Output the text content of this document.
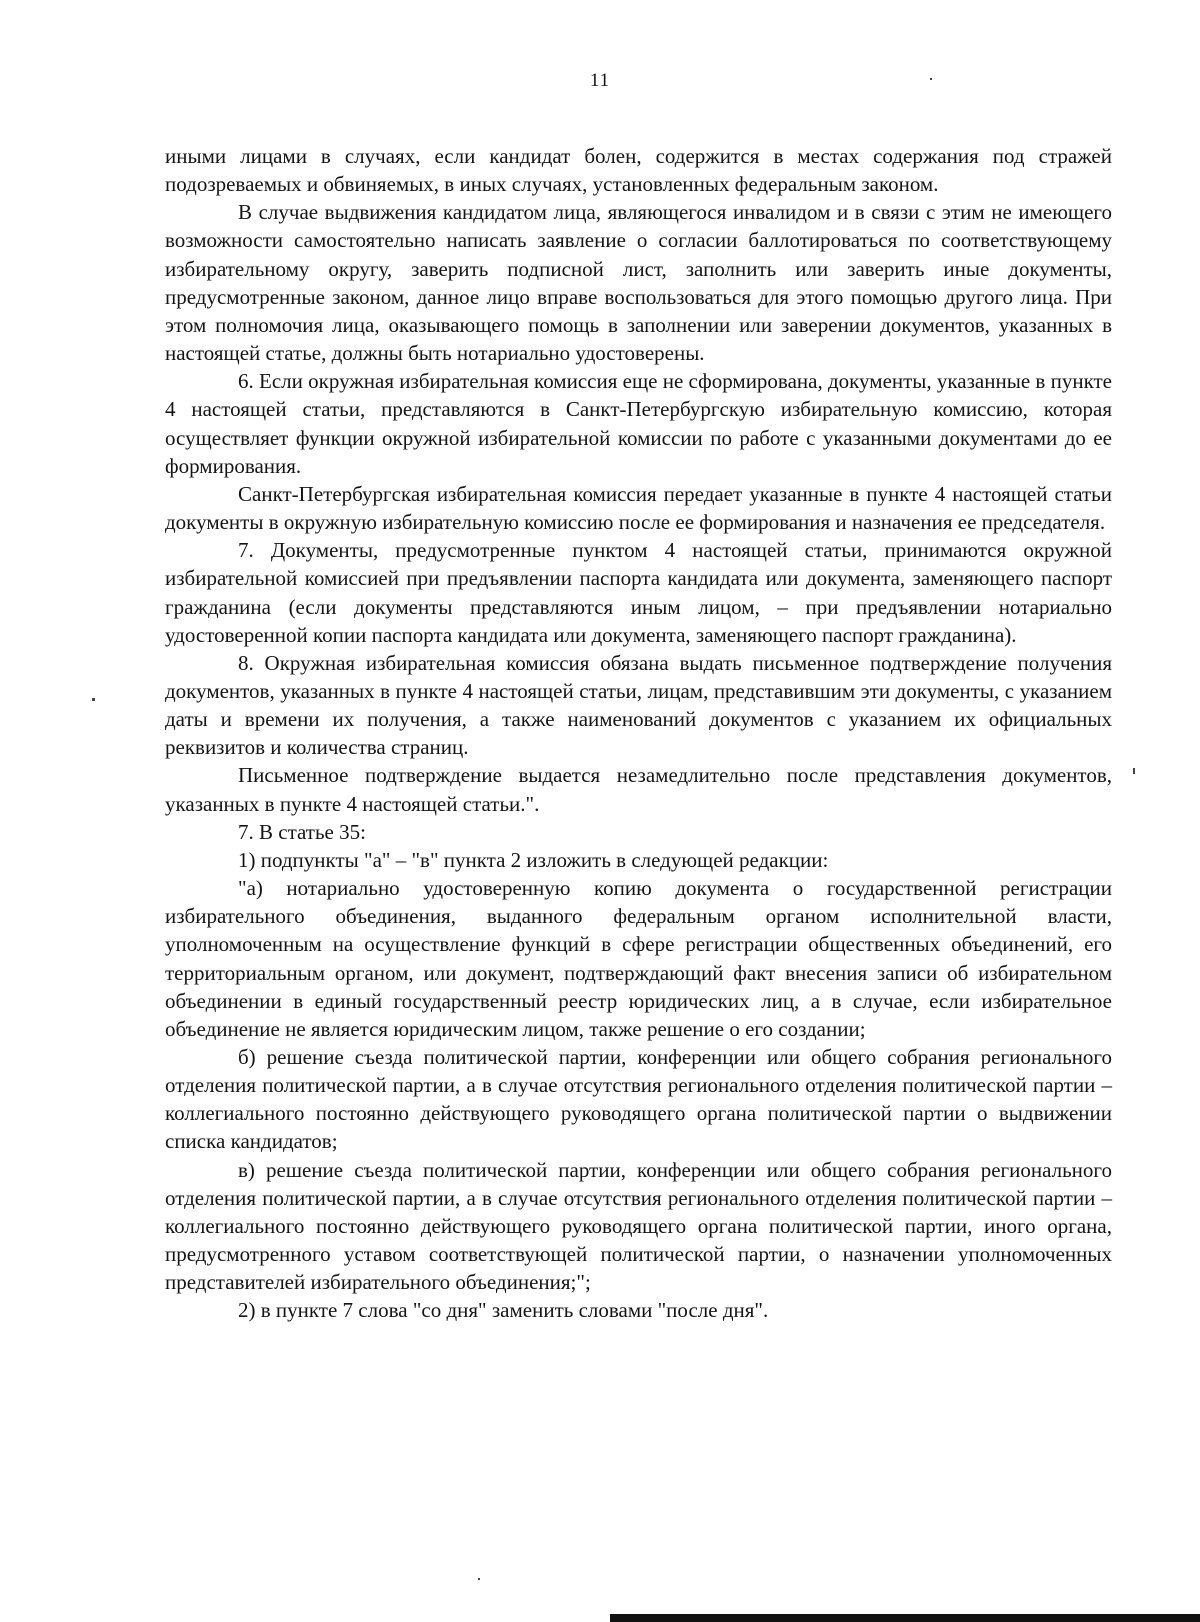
11

иными лицами в случаях, если кандидат болен, содержится в местах содержания под стражей подозреваемых и обвиняемых, в иных случаях, установленных федеральным законом.

В случае выдвижения кандидатом лица, являющегося инвалидом и в связи с этим не имеющего возможности самостоятельно написать заявление о согласии баллотироваться по соответствующему избирательному округу, заверить подписной лист, заполнить или заверить иные документы, предусмотренные законом, данное лицо вправе воспользоваться для этого помощью другого лица. При этом полномочия лица, оказывающего помощь в заполнении или заверении документов, указанных в настоящей статье, должны быть нотариально удостоверены.

6. Если окружная избирательная комиссия еще не сформирована, документы, указанные в пункте 4 настоящей статьи, представляются в Санкт-Петербургскую избирательную комиссию, которая осуществляет функции окружной избирательной комиссии по работе с указанными документами до ее формирования.

Санкт-Петербургская избирательная комиссия передает указанные в пункте 4 настоящей статьи документы в окружную избирательную комиссию после ее формирования и назначения ее председателя.

7. Документы, предусмотренные пунктом 4 настоящей статьи, принимаются окружной избирательной комиссией при предъявлении паспорта кандидата или документа, заменяющего паспорт гражданина (если документы представляются иным лицом, – при предъявлении нотариально удостоверенной копии паспорта кандидата или документа, заменяющего паспорт гражданина).

8. Окружная избирательная комиссия обязана выдать письменное подтверждение получения документов, указанных в пункте 4 настоящей статьи, лицам, представившим эти документы, с указанием даты и времени их получения, а также наименований документов с указанием их официальных реквизитов и количества страниц.

Письменное подтверждение выдается незамедлительно после представления документов, указанных в пункте 4 настоящей статьи.".

7. В статье 35:

1) подпункты "а" – "в" пункта 2 изложить в следующей редакции:

"а) нотариально удостоверенную копию документа о государственной регистрации избирательного объединения, выданного федеральным органом исполнительной власти, уполномоченным на осуществление функций в сфере регистрации общественных объединений, его территориальным органом, или документ, подтверждающий факт внесения записи об избирательном объединении в единый государственный реестр юридических лиц, а в случае, если избирательное объединение не является юридическим лицом, также решение о его создании;

б) решение съезда политической партии, конференции или общего собрания регионального отделения политической партии, а в случае отсутствия регионального отделения политической партии – коллегиального постоянно действующего руководящего органа политической партии о выдвижении списка кандидатов;

в) решение съезда политической партии, конференции или общего собрания регионального отделения политической партии, а в случае отсутствия регионального отделения политической партии – коллегиального постоянно действующего руководящего органа политической партии, иного органа, предусмотренного уставом соответствующей политической партии, о назначении уполномоченных представителей избирательного объединения;";

2) в пункте 7 слова "со дня" заменить словами "после дня".
